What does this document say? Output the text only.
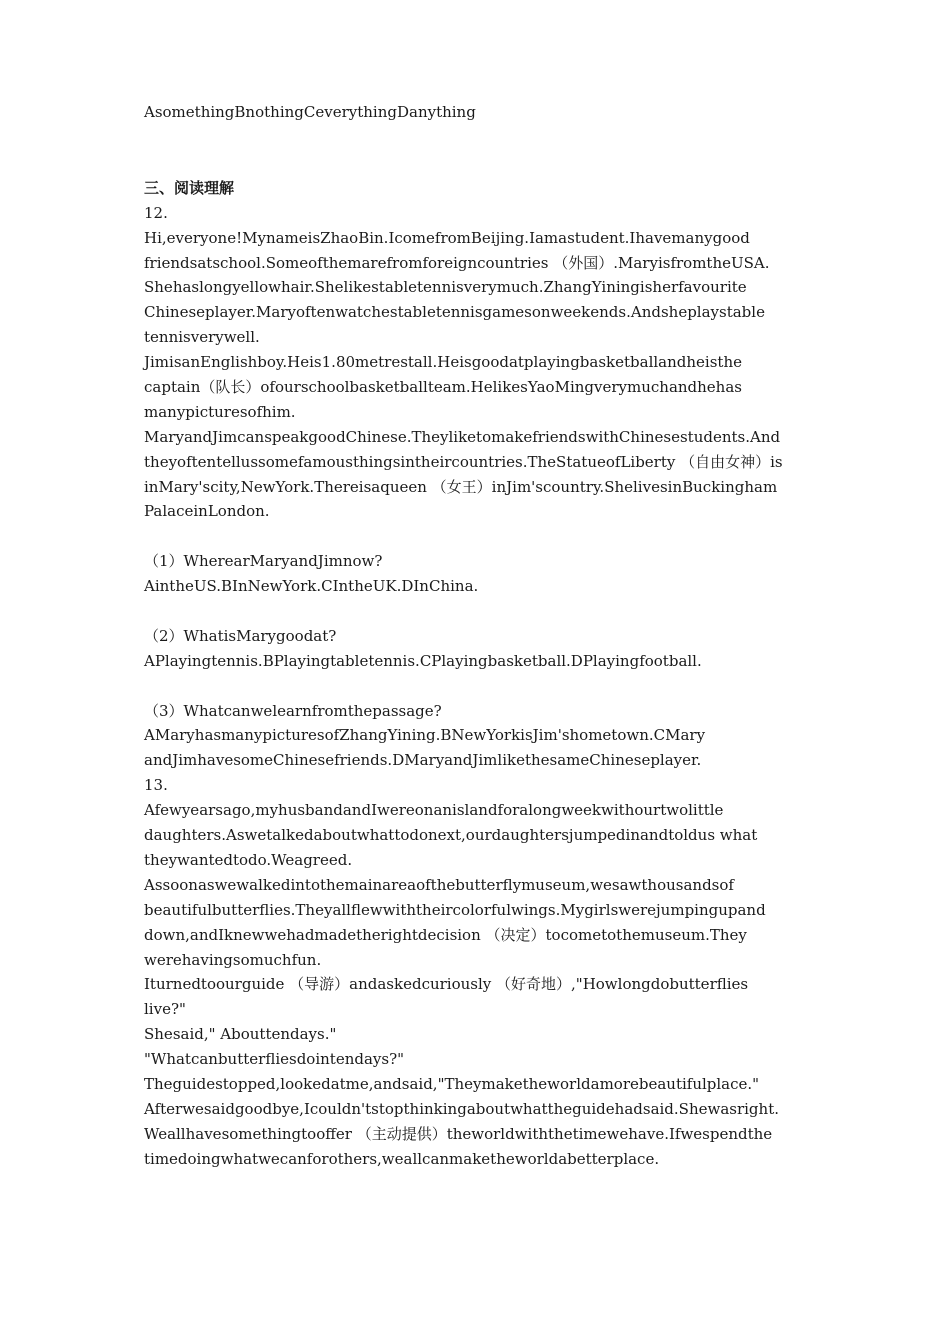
AsomethingBnothingCeverythingDanything
三、阅读理解
12.
Hi,everyone!MynameisZhaoBin.IcomefromBeijing.Iamastudent.Ihavemanygood
friendsatschool.Someofthemarefromforeigncountries （外国）.MaryisfromtheUSA.
Shehaslongyellowhair.Shelikestabletennisverymuch.ZhangYiningisherfavourite
Chineseplayer.Maryoftenwatchestabletennisgamesonweekends.Andsheplaystable
tennisverywell.
JimisanEnglishboy.Heis1.80metrestall.Heisgoodatplayingbasketballandheisthe
captain（队长）ofourschoolbasketballteam.HelikesYaoMingverymuchandhehas
manypicturesofhim.
MaryandJimcanspeakgoodChinese.TheyliketomakefriendswithChinesestudents.And
theyoftentellussomefamousthingsintheircountries.TheStatueofLiberty （自由女神）is
inMary'scity,NewYork.Thereisaqueen （女王）inJim'scountry.ShelivesinBuckingham
PalaceinLondon.
（1）WherearMaryandJimnow?
AintheUS.BInNewYork.CIntheUK.DInChina.
（2）WhatisMarygoodat?
APlayingtennis.BPlayingtabletennis.CPlayingbasketball.DPlayingfootball.
（3）Whatcanwelearnfromthepassage?
AMaryhasmanypicturesofZhangYining.BNewYorkisJim'shometown.CMary
andJimhavesomeChinesefriends.DMaryandJimlikethesameChineseplayer.
13.
Afewyearsago,myhusbandandIwereonanislandforalongweekwithourtwolittle
daughters.Aswetalkedaboutwhattodonext,ourdaughtersjumpedinandtoldus what
theywantedtodo.Weagreed.
Assoonaswewalkedintothemainareaofthebutterflymuseum,wesawthousandsof
beautifulbutterflies.Theyallflewwiththeircolorfulwings.Mygirlswerejumpingupand
down,andIknewwehadmadetherightdecision （决定）tocometothemuseum.They
werehavingsomuchfun.
Iturnedtoourguide （导游）andaskedcuriously （好奇地）,"Howlongdobutterflies
live?"
Shesaid," Abouttendays."
"Whatcanbutterfliesdointendays?"
Theguidestopped,lookedatme,andsaid,"Theymaketheworldamorebeautifulplace."
Afterwesaidgoodbye,Icouldn'tstopthinkingaboutwhattheguidehadsaid.Shewasright.
Weallhavesomethingtooffer （主动提供）theworldwiththetimewehave.Ifwespendthe
timedoingwhatwecanforothers,weallcanmaketheworldabetterplace.
